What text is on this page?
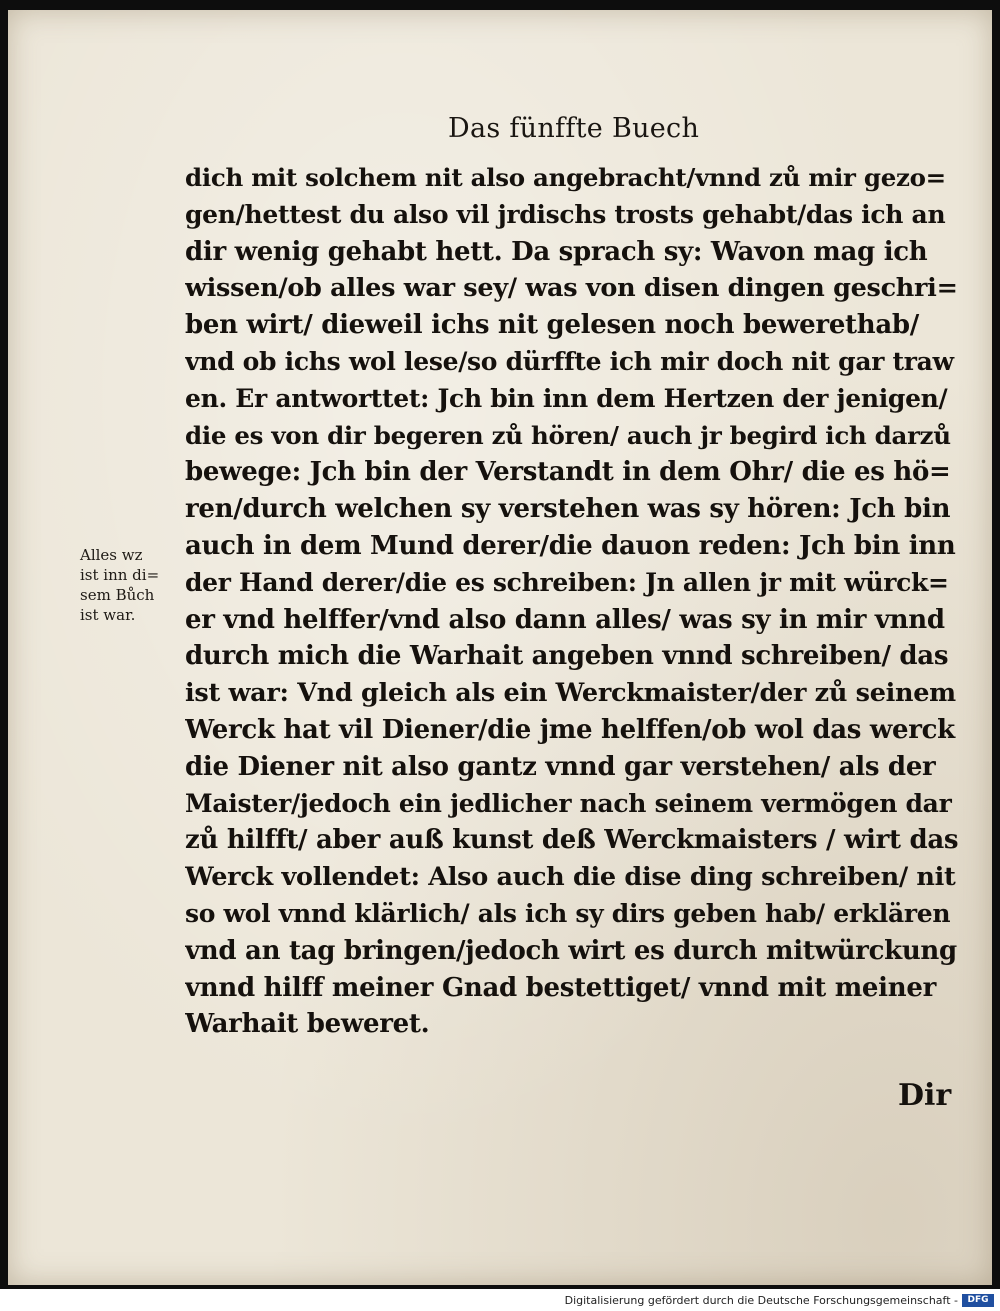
Das fünffte Buech
Alles wz
ist inn di=
sem Bůch
ist war.
dich mit solchem nit also angebracht/vnnd zů mir gezo=
gen/hettest du also vil jrdischs trosts gehabt/das ich an
dir wenig gehabt hett. Da sprach sy: Wavon mag ich
wissen/ob alles war sey/ was von disen dingen geschri=
ben wirt/ dieweil ichs nit gelesen noch bewerethab/
vnd ob ichs wol lese/so dürffte ich mir doch nit gar traw
en. Er antworttet: Jch bin inn dem Hertzen der jenigen/
die es von dir begeren zů hören/ auch jr begird ich darzů
bewege: Jch bin der Verstandt in dem Ohr/ die es hö=
ren/durch welchen sy verstehen was sy hören: Jch bin
auch in dem Mund derer/die dauon reden: Jch bin inn
der Hand derer/die es schreiben: Jn allen jr mit würck=
er vnd helffer/vnd also dann alles/ was sy in mir vnnd
durch mich die Warhait angeben vnnd schreiben/ das
ist war: Vnd gleich als ein Werckmaister/der zů seinem
Werck hat vil Diener/die jme helffen/ob wol das werck
die Diener nit also gantz vnnd gar verstehen/ als der
Maister/jedoch ein jedlicher nach seinem vermögen dar
zů hilfft/ aber auß kunst deß Werckmaisters / wirt das
Werck vollendet: Also auch die dise ding schreiben/ nit
so wol vnnd klärlich/ als ich sy dirs geben hab/ erklären
vnd an tag bringen/jedoch wirt es durch mitwürckung
vnnd hilff meiner Gnad bestettiget/ vnnd mit meiner
Warhait beweret.
Dir
Digitalisierung gefördert durch die Deutsche Forschungsgemeinschaft -	DFG
